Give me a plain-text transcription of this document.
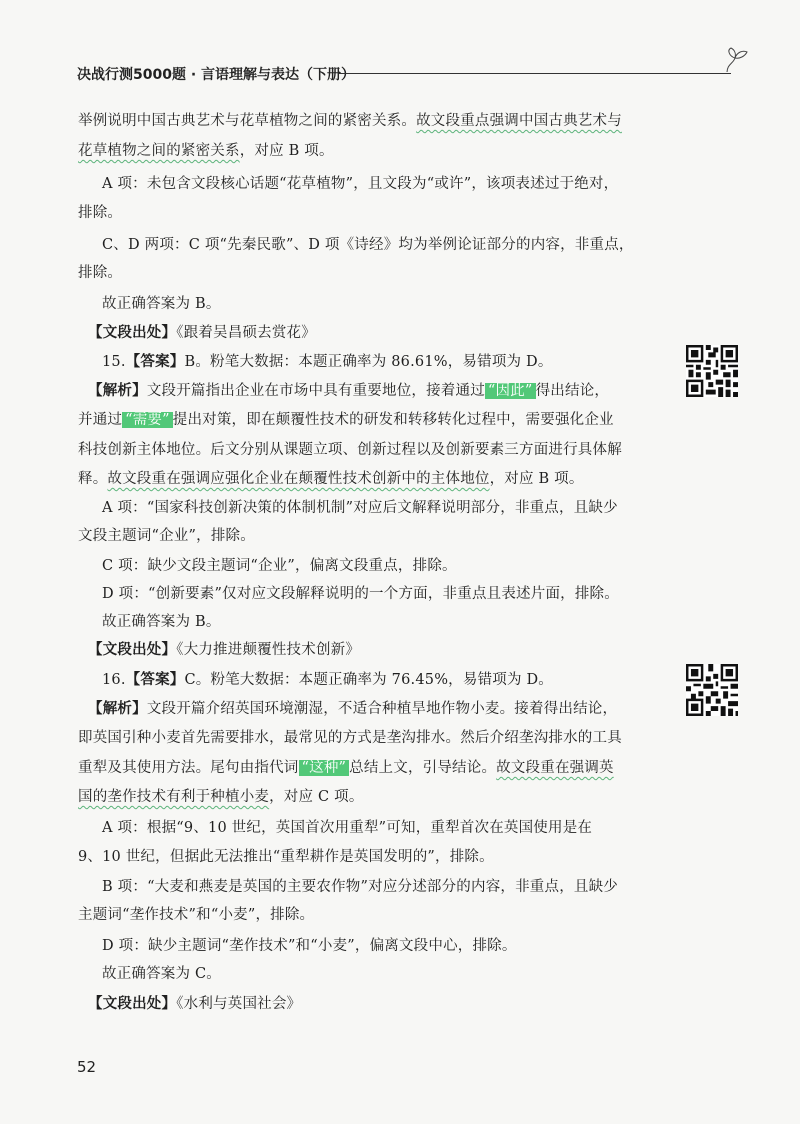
决战行测5000题 · 言语理解与表达（下册）
举例说明中国古典艺术与花草植物之间的紧密关系。故文段重点强调中国古典艺术与
花草植物之间的紧密关系，对应 B 项。
A 项：未包含文段核心话题“花草植物”，且文段为“或许”，该项表述过于绝对，
排除。
C、D 两项：C 项“先秦民歌”、D 项《诗经》均为举例论证部分的内容，非重点，
排除。
故正确答案为 B。
【文段出处】《跟着吴昌硕去赏花》
15.【答案】B。粉笔大数据：本题正确率为 86.61%，易错项为 D。
【解析】文段开篇指出企业在市场中具有重要地位，接着通过 “因此” 得出结论，
并通过 “需要” 提出对策，即在颠覆性技术的研发和转移转化过程中，需要强化企业
科技创新主体地位。后文分别从课题立项、创新过程以及创新要素三方面进行具体解
释。故文段重在强调应强化企业在颠覆性技术创新中的主体地位，对应 B 项。
A 项：“国家科技创新决策的体制机制”对应后文解释说明部分，非重点，且缺少
文段主题词“企业”，排除。
C 项：缺少文段主题词“企业”，偏离文段重点，排除。
D 项：“创新要素”仅对应文段解释说明的一个方面，非重点且表述片面，排除。
故正确答案为 B。
【文段出处】《大力推进颠覆性技术创新》
16.【答案】C。粉笔大数据：本题正确率为 76.45%，易错项为 D。
【解析】文段开篇介绍英国环境潮湿，不适合种植旱地作物小麦。接着得出结论，
即英国引种小麦首先需要排水，最常见的方式是垄沟排水。然后介绍垄沟排水的工具
重犁及其使用方法。尾句由指代词 “这种” 总结上文，引导结论。故文段重在强调英
国的垄作技术有利于种植小麦，对应 C 项。
A 项：根据“9、10 世纪，英国首次用重犁”可知，重犁首次在英国使用是在
9、10 世纪，但据此无法推出“重犁耕作是英国发明的”，排除。
B 项：“大麦和燕麦是英国的主要农作物”对应分述部分的内容，非重点，且缺少
主题词“垄作技术”和“小麦”，排除。
D 项：缺少主题词“垄作技术”和“小麦”，偏离文段中心，排除。
故正确答案为 C。
【文段出处】《水利与英国社会》
52
